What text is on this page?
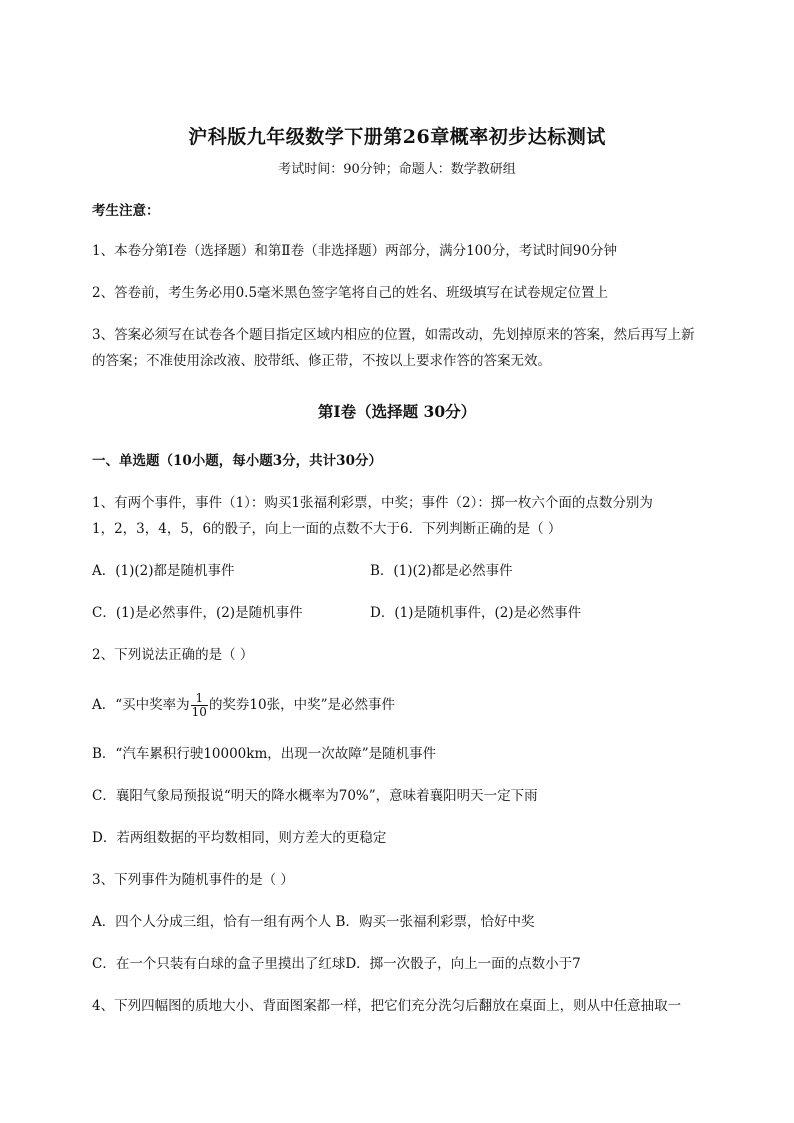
沪科版九年级数学下册第26章概率初步达标测试
考试时间：90分钟；命题人：数学教研组
考生注意：
1、本卷分第I卷（选择题）和第Ⅱ卷（非选择题）两部分，满分100分，考试时间90分钟
2、答卷前，考生务必用0.5毫米黑色签字笔将自己的姓名、班级填写在试卷规定位置上
3、答案必须写在试卷各个题目指定区域内相应的位置，如需改动，先划掉原来的答案，然后再写上新
的答案；不准使用涂改液、胶带纸、修正带，不按以上要求作答的答案无效。
第I卷（选择题 30分）
一、单选题（10小题，每小题3分，共计30分）
1、有两个事件，事件（1）：购买1张福利彩票，中奖；事件（2）：掷一枚六个面的点数分别为
1，2，3，4，5，6的骰子，向上一面的点数不大于6．下列判断正确的是（ ）
A．(1)(2)都是随机事件	B．(1)(2)都是必然事件
C．(1)是必然事件，(2)是随机事件	D．(1)是随机事件，(2)是必然事件
2、下列说法正确的是（ ）
A．“买中奖率为 $\frac{1}{10}$ 的奖券10张，中奖”是必然事件
B．“汽车累积行驶10000km，出现一次故障”是随机事件
C．襄阳气象局预报说“明天的降水概率为70%”，意味着襄阳明天一定下雨
D．若两组数据的平均数相同，则方差大的更稳定
3、下列事件为随机事件的是（ ）
A．四个人分成三组，恰有一组有两个人 B．购买一张福利彩票，恰好中奖
C．在一个只装有白球的盒子里摸出了红球D．掷一次骰子，向上一面的点数小于7
4、下列四幅图的质地大小、背面图案都一样，把它们充分洗匀后翻放在桌面上，则从中任意抽取一
